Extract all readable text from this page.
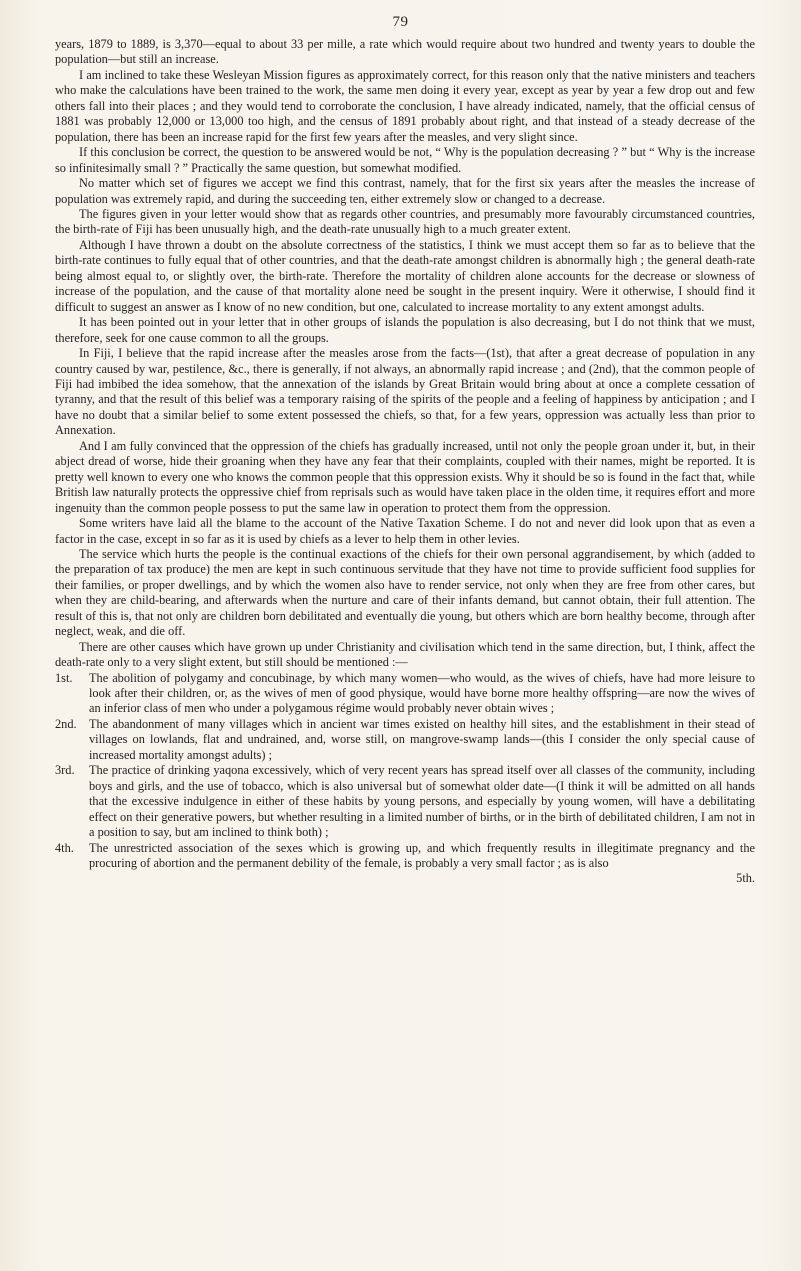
79

years, 1879 to 1889, is 3,370—equal to about 33 per mille, a rate which would require about two hundred and twenty years to double the population—but still an increase.

I am inclined to take these Wesleyan Mission figures as approximately correct, for this reason only that the native ministers and teachers who make the calculations have been trained to the work, the same men doing it every year, except as year by year a few drop out and few others fall into their places ; and they would tend to corroborate the conclusion, I have already indicated, namely, that the official census of 1881 was probably 12,000 or 13,000 too high, and the census of 1891 probably about right, and that instead of a steady decrease of the population, there has been an increase rapid for the first few years after the measles, and very slight since.

If this conclusion be correct, the question to be answered would be not, “ Why is the population decreasing ? ” but “ Why is the increase so infinitesimally small ? ” Practically the same question, but somewhat modified.

No matter which set of figures we accept we find this contrast, namely, that for the first six years after the measles the increase of population was extremely rapid, and during the succeeding ten, either extremely slow or changed to a decrease.

The figures given in your letter would show that as regards other countries, and presumably more favourably circumstanced countries, the birth-rate of Fiji has been unusually high, and the death-rate unusually high to a much greater extent.

Although I have thrown a doubt on the absolute correctness of the statistics, I think we must accept them so far as to believe that the birth-rate continues to fully equal that of other countries, and that the death-rate amongst children is abnormally high ; the general death-rate being almost equal to, or slightly over, the birth-rate. Therefore the mortality of children alone accounts for the decrease or slowness of increase of the population, and the cause of that mortality alone need be sought in the present inquiry. Were it otherwise, I should find it difficult to suggest an answer as I know of no new condition, but one, calculated to increase mortality to any extent amongst adults.

It has been pointed out in your letter that in other groups of islands the population is also decreasing, but I do not think that we must, therefore, seek for one cause common to all the groups.

In Fiji, I believe that the rapid increase after the measles arose from the facts—(1st), that after a great decrease of population in any country caused by war, pestilence, &c., there is generally, if not always, an abnormally rapid increase ; and (2nd), that the common people of Fiji had imbibed the idea somehow, that the annexation of the islands by Great Britain would bring about at once a complete cessation of tyranny, and that the result of this belief was a temporary raising of the spirits of the people and a feeling of happiness by anticipation ; and I have no doubt that a similar belief to some extent possessed the chiefs, so that, for a few years, oppression was actually less than prior to Annexation.

And I am fully convinced that the oppression of the chiefs has gradually increased, until not only the people groan under it, but, in their abject dread of worse, hide their groaning when they have any fear that their complaints, coupled with their names, might be reported. It is pretty well known to every one who knows the common people that this oppression exists. Why it should be so is found in the fact that, while British law naturally protects the oppressive chief from reprisals such as would have taken place in the olden time, it requires effort and more ingenuity than the common people possess to put the same law in operation to protect them from the oppression.

Some writers have laid all the blame to the account of the Native Taxation Scheme. I do not and never did look upon that as even a factor in the case, except in so far as it is used by chiefs as a lever to help them in other levies.

The service which hurts the people is the continual exactions of the chiefs for their own personal aggrandisement, by which (added to the preparation of tax produce) the men are kept in such continuous servitude that they have not time to provide sufficient food supplies for their families, or proper dwellings, and by which the women also have to render service, not only when they are free from other cares, but when they are child-bearing, and afterwards when the nurture and care of their infants demand, but cannot obtain, their full attention. The result of this is, that not only are children born debilitated and eventually die young, but others which are born healthy become, through after neglect, weak, and die off.

There are other causes which have grown up under Christianity and civilisation which tend in the same direction, but, I think, affect the death-rate only to a very slight extent, but still should be mentioned :—

1st.	The abolition of polygamy and concubinage, by which many women—who would, as the wives of chiefs, have had more leisure to look after their children, or, as the wives of men of good physique, would have borne more healthy offspring—are now the wives of an inferior class of men who under a polygamous régime would probably never obtain wives ;
2nd.	The abandonment of many villages which in ancient war times existed on healthy hill sites, and the establishment in their stead of villages on lowlands, flat and undrained, and, worse still, on mangrove-swamp lands—(this I consider the only special cause of increased mortality amongst adults) ;
3rd.	The practice of drinking yaqona excessively, which of very recent years has spread itself over all classes of the community, including boys and girls, and the use of tobacco, which is also universal but of somewhat older date—(I think it will be admitted on all hands that the excessive indulgence in either of these habits by young persons, and especially by young women, will have a debilitating effect on their generative powers, but whether resulting in a limited number of births, or in the birth of debilitated children, I am not in a position to say, but am inclined to think both) ;
4th.	The unrestricted association of the sexes which is growing up, and which frequently results in illegitimate pregnancy and the procuring of abortion and the permanent debility of the female, is probably a very small factor ; as is also

5th.
